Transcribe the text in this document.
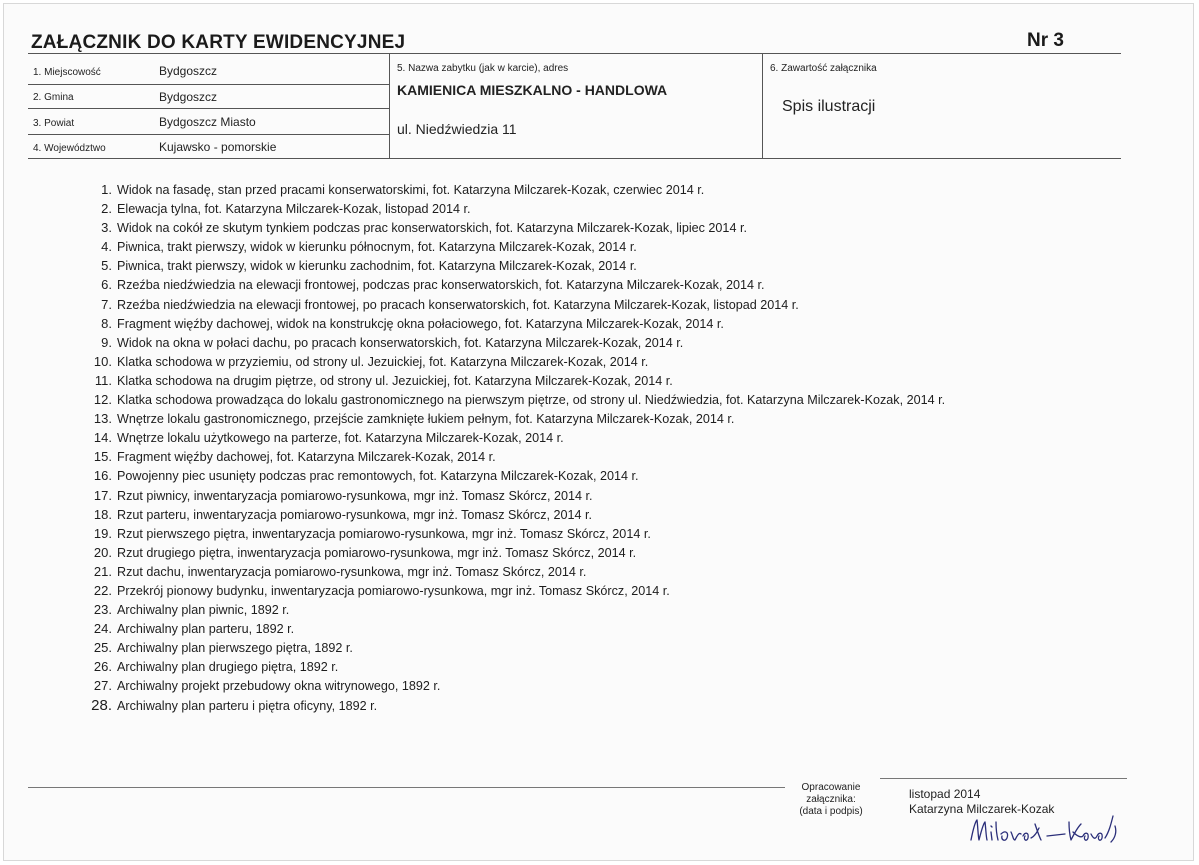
ZAŁĄCZNIK DO KARTY EWIDENCYJNEJ	Nr 3
1. Miejscowość	Bydgoszcz
2. Gmina	Bydgoszcz
3. Powiat	Bydgoszcz Miasto
4. Województwo	Kujawsko - pomorskie
5. Nazwa zabytku (jak w karcie), adres
KAMIENICA MIESZKALNO - HANDLOWA
ul. Niedźwiedzia 11
6. Zawartość załącznika
Spis ilustracji
1. Widok na fasadę, stan przed pracami konserwatorskimi, fot. Katarzyna Milczarek-Kozak, czerwiec 2014 r.
2. Elewacja tylna, fot. Katarzyna Milczarek-Kozak, listopad 2014 r.
3. Widok na cokół ze skutym tynkiem podczas prac konserwatorskich, fot. Katarzyna Milczarek-Kozak, lipiec 2014 r.
4. Piwnica, trakt pierwszy, widok w kierunku północnym, fot. Katarzyna Milczarek-Kozak, 2014 r.
5. Piwnica, trakt pierwszy, widok w kierunku zachodnim, fot. Katarzyna Milczarek-Kozak, 2014 r.
6. Rzeźba niedźwiedzia na elewacji frontowej, podczas prac konserwatorskich, fot. Katarzyna Milczarek-Kozak, 2014 r.
7. Rzeźba niedźwiedzia na elewacji frontowej, po pracach konserwatorskich, fot. Katarzyna Milczarek-Kozak, listopad 2014 r.
8. Fragment więźby dachowej, widok na konstrukcję okna połaciowego, fot. Katarzyna Milczarek-Kozak, 2014 r.
9. Widok na okna w połaci dachu, po pracach konserwatorskich, fot. Katarzyna Milczarek-Kozak, 2014 r.
10. Klatka schodowa w przyziemiu, od strony ul. Jezuickiej, fot. Katarzyna Milczarek-Kozak, 2014 r.
11. Klatka schodowa na drugim piętrze, od strony ul. Jezuickiej, fot. Katarzyna Milczarek-Kozak, 2014 r.
12. Klatka schodowa prowadząca do lokalu gastronomicznego na pierwszym piętrze, od strony ul. Niedźwiedzia, fot. Katarzyna Milczarek-Kozak, 2014 r.
13. Wnętrze lokalu gastronomicznego, przejście zamknięte łukiem pełnym, fot. Katarzyna Milczarek-Kozak, 2014 r.
14. Wnętrze lokalu użytkowego na parterze, fot. Katarzyna Milczarek-Kozak, 2014 r.
15. Fragment więźby dachowej, fot. Katarzyna Milczarek-Kozak, 2014 r.
16. Powojenny piec usunięty podczas prac remontowych, fot. Katarzyna Milczarek-Kozak, 2014 r.
17. Rzut piwnicy, inwentaryzacja pomiarowo-rysunkowa, mgr inż. Tomasz Skórcz, 2014 r.
18. Rzut parteru, inwentaryzacja pomiarowo-rysunkowa, mgr inż. Tomasz Skórcz, 2014 r.
19. Rzut pierwszego piętra, inwentaryzacja pomiarowo-rysunkowa, mgr inż. Tomasz Skórcz, 2014 r.
20. Rzut drugiego piętra, inwentaryzacja pomiarowo-rysunkowa, mgr inż. Tomasz Skórcz, 2014 r.
21. Rzut dachu, inwentaryzacja pomiarowo-rysunkowa, mgr inż. Tomasz Skórcz, 2014 r.
22. Przekrój pionowy budynku, inwentaryzacja pomiarowo-rysunkowa, mgr inż. Tomasz Skórcz, 2014 r.
23. Archiwalny plan piwnic, 1892 r.
24. Archiwalny plan parteru, 1892 r.
25. Archiwalny plan pierwszego piętra, 1892 r.
26. Archiwalny plan drugiego piętra, 1892 r.
27. Archiwalny projekt przebudowy okna witrynowego, 1892 r.
28. Archiwalny plan parteru i piętra oficyny, 1892 r.
Opracowanie
załącznika:
(data i podpis)
listopad 2014
Katarzyna Milczarek-Kozak
